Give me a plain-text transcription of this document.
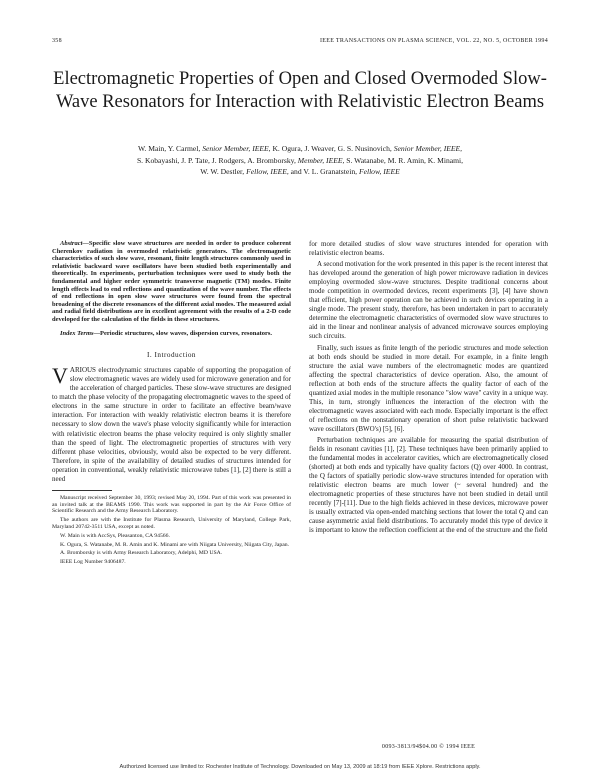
358	IEEE TRANSACTIONS ON PLASMA SCIENCE, VOL. 22, NO. 5, OCTOBER 1994
Electromagnetic Properties of Open and Closed Overmoded Slow-Wave Resonators for Interaction with Relativistic Electron Beams
W. Main, Y. Carmel, Senior Member, IEEE, K. Ogura, J. Weaver, G. S. Nusinovich, Senior Member, IEEE,
S. Kobayashi, J. P. Tate, J. Rodgers, A. Bromborsky, Member, IEEE, S. Watanabe, M. R. Amin, K. Minami,
W. W. Destler, Fellow, IEEE, and V. L. Granatstein, Fellow, IEEE

Abstract—Specific slow wave structures are needed in order to produce coherent Cherenkov radiation in overmoded relativistic generators. The electromagnetic characteristics of such slow wave, resonant, finite length structures commonly used in relativistic backward wave oscillators have been studied both experimentally and theoretically. In experiments, perturbation techniques were used to study both the fundamental and higher order symmetric transverse magnetic (TM) modes. Finite length effects lead to end reflections and quantization of the wave number. The effects of end reflections in open slow wave structures were found from the spectral broadening of the discrete resonances of the different axial modes. The measured axial and radial field distributions are in excellent agreement with the results of a 2-D code developed for the calculation of the fields in these structures.

Index Terms—Periodic structures, slow waves, dispersion curves, resonators.

I. Introduction

VARIOUS electrodynamic structures capable of supporting the propagation of slow electromagnetic waves are widely used for microwave generation and for the acceleration of charged particles. These slow-wave structures are designed to match the phase velocity of the propagating electromagnetic waves to the speed of electrons in the same structure in order to facilitate an effective beam/wave interaction. For interaction with weakly relativistic electron beams it is therefore necessary to slow down the wave's phase velocity significantly while for interaction with relativistic electron beams the phase velocity required is only slightly smaller than the speed of light. The electromagnetic properties of structures with very different phase velocities, obviously, would also be expected to be very different. Therefore, in spite of the availability of detailed studies of structures intended for operation in conventional, weakly relativistic microwave tubes [1], [2] there is still a need

Manuscript received September 30, 1993; revised May 20, 1994. Part of this work was presented in an invited talk at the BEAMS 1990. This work was supported in part by the Air Force Office of Scientific Research and the Army Research Laboratory.

The authors are with the Institute for Plasma Research, University of Maryland, College Park, Maryland 20742-3511 USA, except as noted.

W. Main is with AccSys, Pleasanton, CA 94566.

K. Ogura, S. Watanabe, M. R. Amin and K. Minami are with Niigata University, Niigata City, Japan.

A. Bromborsky is with Army Research Laboratory, Adelphi, MD USA.

IEEE Log Number 9406487.

for more detailed studies of slow wave structures intended for operation with relativistic electron beams.

A second motivation for the work presented in this paper is the recent interest that has developed around the generation of high power microwave radiation in devices employing overmoded slow-wave structures. Despite traditional concerns about mode competition in overmoded devices, recent experiments [3], [4] have shown that efficient, high power operation can be achieved in such devices operating in a single mode. The present study, therefore, has been undertaken in part to accurately determine the electromagnetic characteristics of overmoded slow wave structures to aid in the linear and nonlinear analysis of advanced microwave sources employing such circuits.

Finally, such issues as finite length of the periodic structures and mode selection at both ends should be studied in more detail. For example, in a finite length structure the axial wave numbers of the electromagnetic modes are quantized affecting the spectral characteristics of device operation. Also, the amount of reflection at both ends of the structure affects the quality factor of each of the quantized axial modes in the multiple resonance "slow wave" cavity in a unique way. This, in turn, strongly influences the interaction of the electron with the electromagnetic waves associated with each mode. Especially important is the effect of reflections on the nonstationary operation of short pulse relativistic backward wave oscillators (BWO's) [5], [6].

Perturbation techniques are available for measuring the spatial distribution of fields in resonant cavities [1], [2]. These techniques have been primarily applied to the fundamental modes in accelerator cavities, which are electromagnetically closed (shorted) at both ends and typically have quality factors (Q) over 4000. In contrast, the Q factors of spatially periodic slow-wave structures intended for operation with relativistic electron beams are much lower (~ several hundred) and the electromagnetic properties of these structures have not been studied in detail until recently [7]-[11]. Due to the high fields achieved in these devices, microwave power is usually extracted via open-ended matching sections that lower the total Q and can cause asymmetric axial field distributions. To accurately model this type of device it is important to know the reflection coefficient at the end of the structure and the field

0093-3813/94$04.00 © 1994 IEEE
Authorized licensed use limited to: Rochester Institute of Technology. Downloaded on May 13, 2009 at 18:19 from IEEE Xplore. Restrictions apply.
